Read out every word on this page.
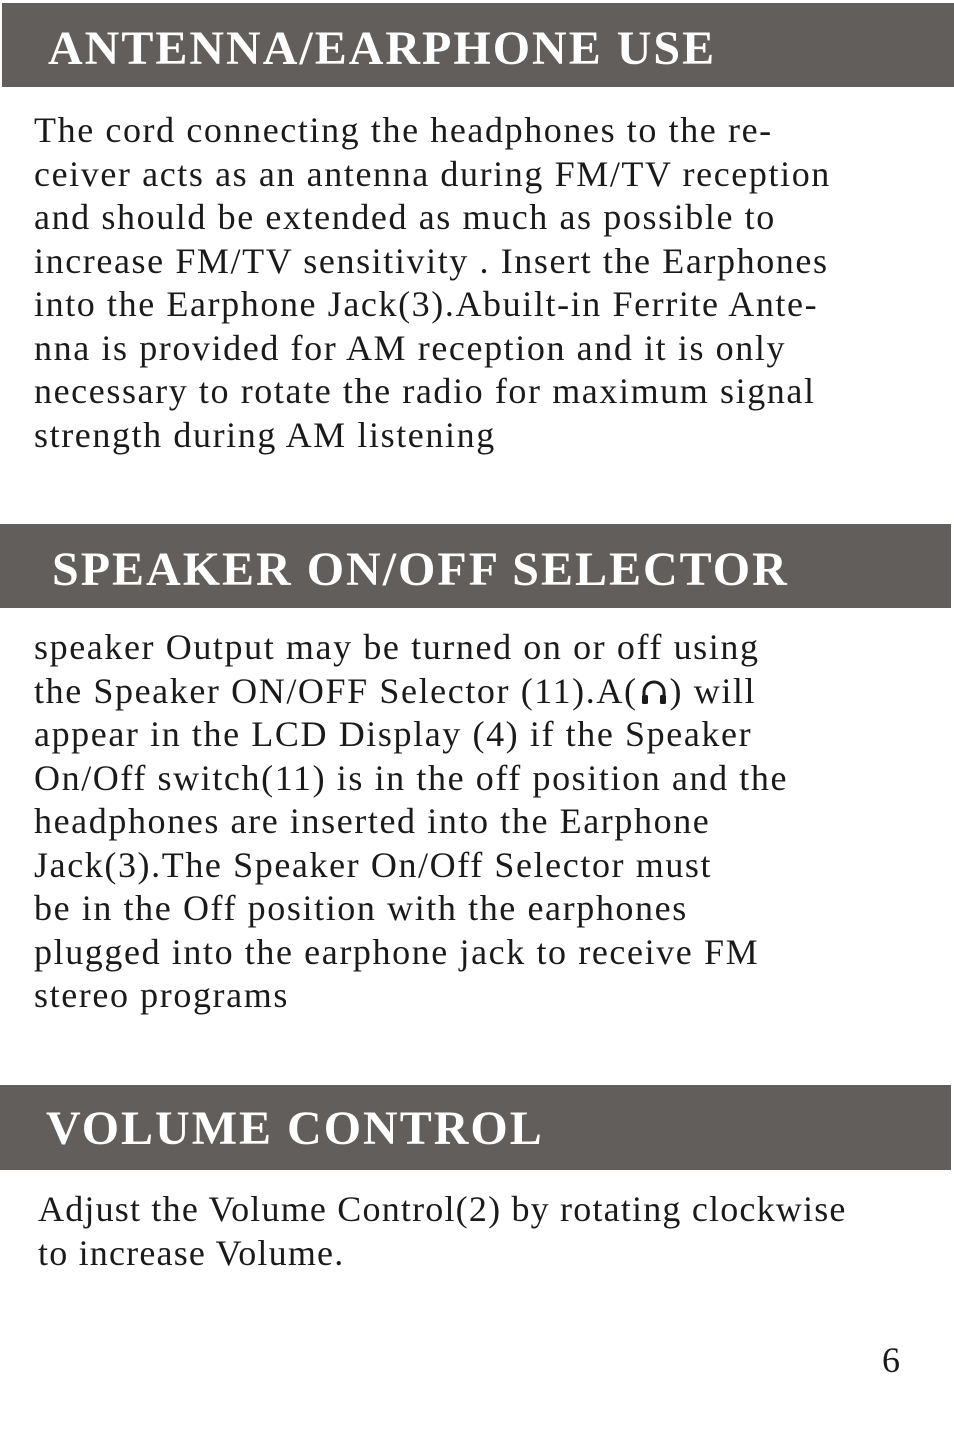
ANTENNA/EARPHONE USE

The cord connecting the headphones to the re-
ceiver acts as an antenna during FM/TV reception
and should be extended as much as possible to
increase FM/TV sensitivity . Insert the Earphones
into the Earphone Jack(3).Abuilt-in Ferrite Ante-
nna is provided for AM reception and it is only
necessary to rotate the radio for maximum signal
strength during AM listening

SPEAKER ON/OFF SELECTOR

speaker Output may be turned on or off using
the Speaker ON/OFF Selector (11).A( ) will
appear in the LCD Display (4) if the Speaker
On/Off switch(11) is in the off position and the
headphones are inserted into the Earphone
Jack(3).The Speaker On/Off Selector must
be in the Off position with the earphones
plugged into the earphone jack to receive FM
stereo programs

VOLUME CONTROL

Adjust the Volume Control(2) by rotating clockwise
to increase Volume.

6
